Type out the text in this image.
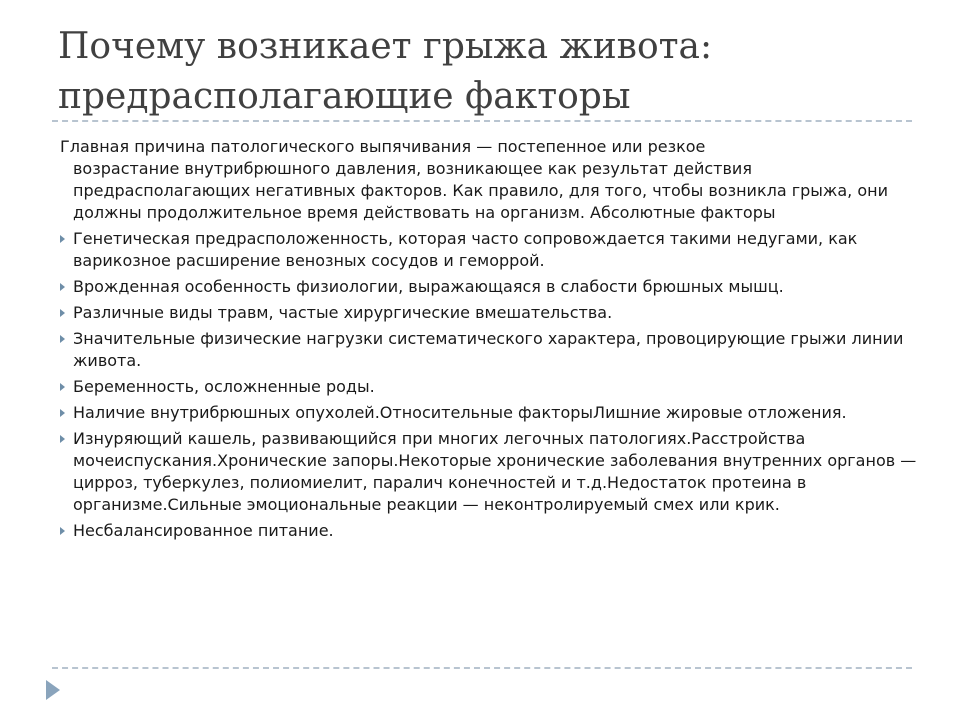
Почему возникает грыжа живота:
предрасполагающие факторы
Главная причина патологического выпячивания — постепенное или резкое
возрастание внутрибрюшного давления, возникающее как результат действия предрасполагающих негативных факторов. Как правило, для того, чтобы возникла грыжа, они должны продолжительное время действовать на организм. Абсолютные факторы
Генетическая предрасположенность, которая часто сопровождается такими недугами, как варикозное расширение венозных сосудов и геморрой.
Врожденная особенность физиологии, выражающаяся в слабости брюшных мышц.
Различные виды травм, частые хирургические вмешательства.
Значительные физические нагрузки систематического характера, провоцирующие грыжи линии живота.
Беременность, осложненные роды.
Наличие внутрибрюшных опухолей.Относительные факторыЛишние жировые отложения.
Изнуряющий кашель, развивающийся при многих легочных патологиях.Расстройства мочеиспускания.Хронические запоры.Некоторые хронические заболевания внутренних органов — цирроз, туберкулез, полиомиелит, паралич конечностей и т.д.Недостаток протеина в организме.Сильные эмоциональные реакции — неконтролируемый смех или крик.
Несбалансированное питание.
